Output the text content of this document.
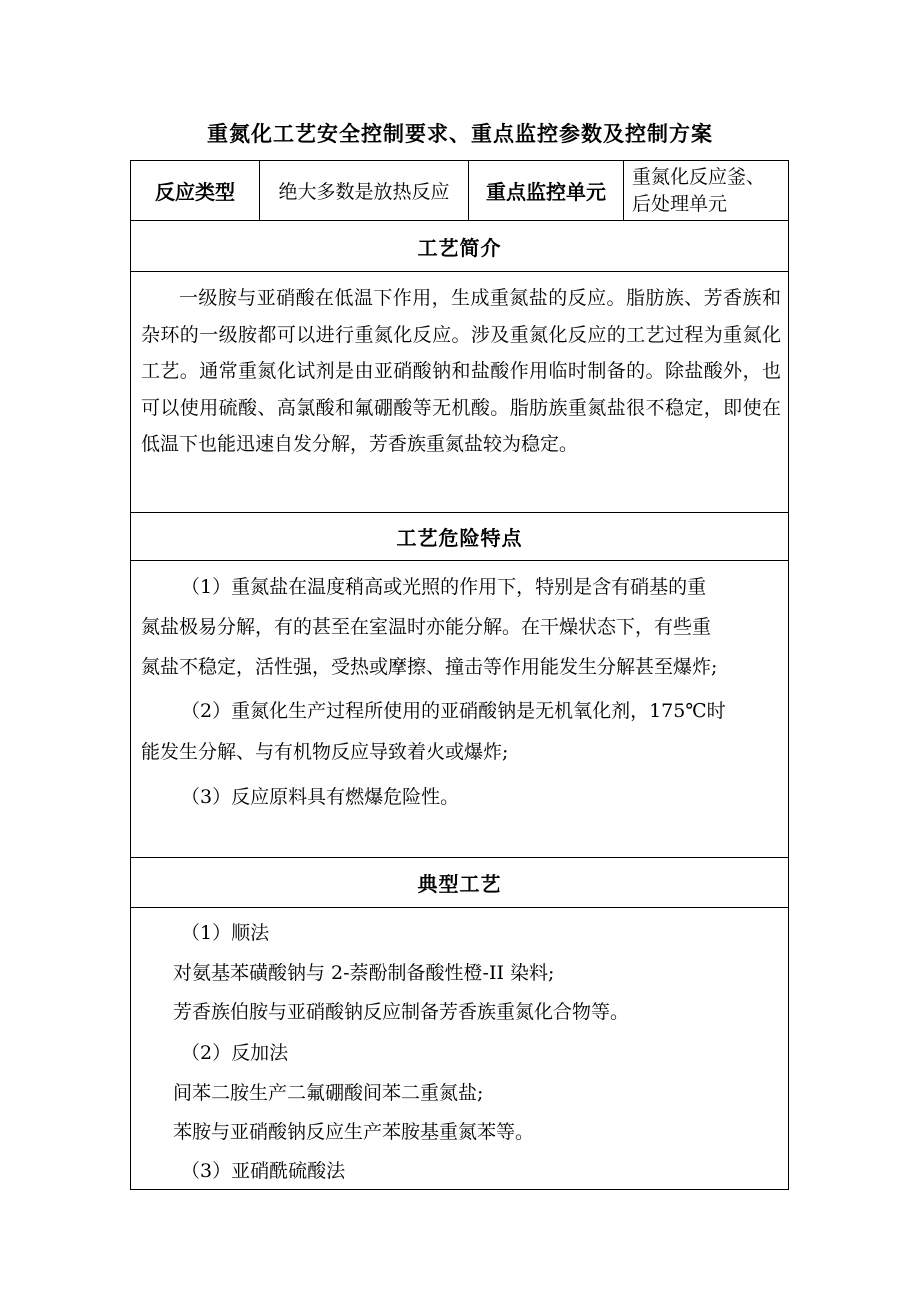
重氮化工艺安全控制要求、重点监控参数及控制方案
反应类型 绝大多数是放热反应 重点监控单元
重氮化反应釜、
后处理单元
工艺简介
一级胺与亚硝酸在低温下作用，生成重氮盐的反应。脂肪族、芳香族和杂环的一级胺都可以进行重氮化反应。涉及重氮化反应的工艺过程为重氮化工艺。通常重氮化试剂是由亚硝酸钠和盐酸作用临时制备的。除盐酸外，也可以使用硫酸、高氯酸和氟硼酸等无机酸。脂肪族重氮盐很不稳定，即使在低温下也能迅速自发分解，芳香族重氮盐较为稳定。
工艺危险特点
（1）重氮盐在温度稍高或光照的作用下，特别是含有硝基的重
氮盐极易分解，有的甚至在室温时亦能分解。在干燥状态下，有些重
氮盐不稳定，活性强，受热或摩擦、撞击等作用能发生分解甚至爆炸;
（2）重氮化生产过程所使用的亚硝酸钠是无机氧化剂，175℃时
能发生分解、与有机物反应导致着火或爆炸;
（3）反应原料具有燃爆危险性。
典型工艺
（1）顺法
对氨基苯磺酸钠与 2-萘酚制备酸性橙-II 染料;
芳香族伯胺与亚硝酸钠反应制备芳香族重氮化合物等。
（2）反加法
间苯二胺生产二氟硼酸间苯二重氮盐;
苯胺与亚硝酸钠反应生产苯胺基重氮苯等。
（3）亚硝酰硫酸法
